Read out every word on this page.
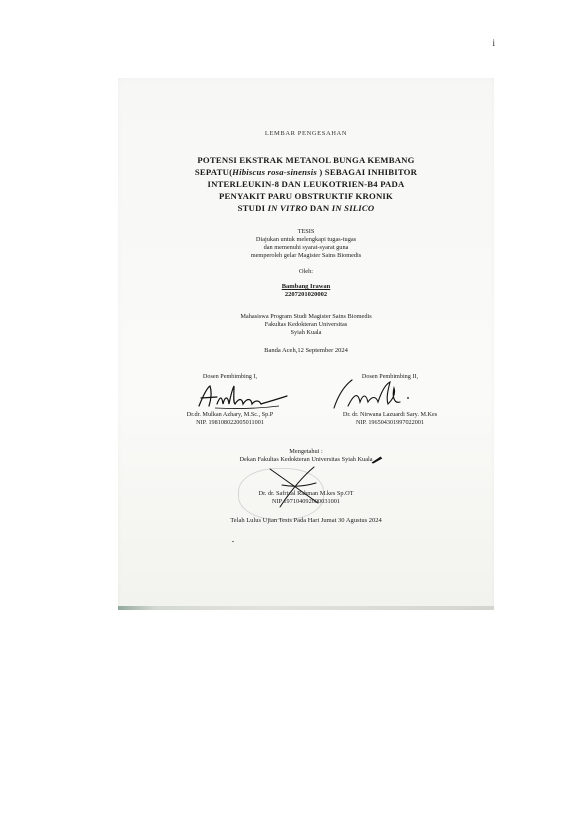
i
LEMBAR PENGESAHAN
POTENSI EKSTRAK METANOL BUNGA KEMBANG
SEPATU(Hibiscus rosa-sinensis ) SEBAGAI INHIBITOR
INTERLEUKIN-8 DAN LEUKOTRIEN-B4 PADA
PENYAKIT PARU OBSTRUKTIF KRONIK
STUDI IN VITRO DAN IN SILICO
TESIS
Diajukan untuk melengkapi tugas-tugas
dan memenuhi syarat-syarat guna
memperoleh gelar Magister Sains Biomedis
Oleh:
Bambang Irawan
2207201020002
Mahasiswa Program Studi Magister Sains Biomedis
Fakultas Kedokteran Universitas
Syiah Kuala
Banda Aceh,12 September 2024
Dosen Pembimbing I,	Dosen Pembimbing II,
Dr.dr. Mulkan Azhary, M.Sc., Sp.P
NIP. 198108022005011001
Dr. dr. Nirwana Lazuardi Sary. M.Kes
NIP. 196504301997022001
Mengetahui :
Dekan Fakultas Kedokteran Universitas Syiah Kuala
Dr. dr. Safrizal Rahman M.kes Sp.OT
NIP 197104092000031001
Telah Lulus Ujian Tesis Pada Hari Jumat 30 Agustus 2024
